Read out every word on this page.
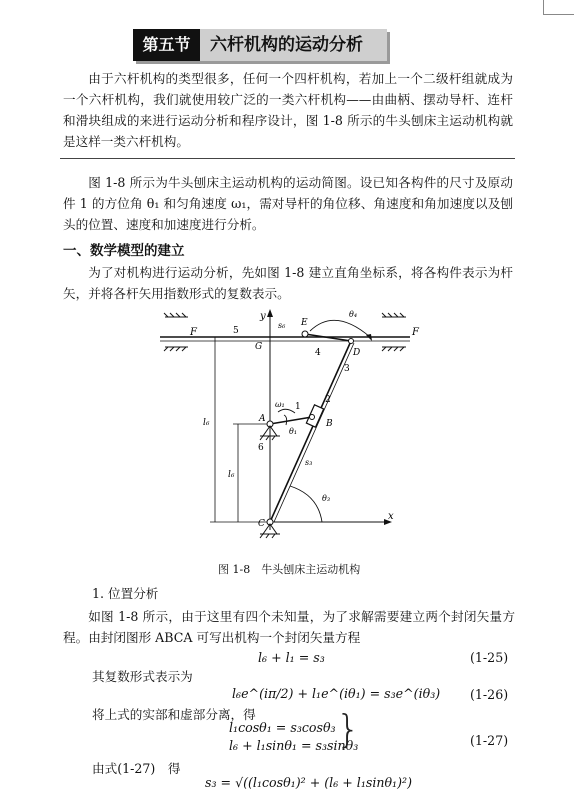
第五节	六杆机构的运动分析

由于六杆机构的类型很多，任何一个四杆机构，若加上一个二级杆组就成为一个六杆机构，我们就使用较广泛的一类六杆机构——由曲柄、摆动导杆、连杆和滑块组成的来进行运动分析和程序设计，图 1-8 所示的牛头刨床主运动机构就是这样一类六杆机构。

图 1-8 所示为牛头刨床主运动机构的运动简图。设已知各构件的尺寸及原动件 1 的方位角 θ₁ 和匀角速度 ω₁，需对导杆的角位移、角速度和角加速度以及刨头的位置、速度和加速度进行分析。

一、数学模型的建立

为了对机构进行运动分析，先如图 1-8 建立直角坐标系，将各构件表示为杆矢，并将各杆矢用指数形式的复数表示。

F	F
y
x
s₆ E
θ₄
5
G
4	D
3
2
l₆	A
ω₁ 1
B
θ₁
6
s₃
l₆
θ₃
C
图 1-8　牛头刨床主运动机构
1. 位置分析

如图 1-8 所示，由于这里有四个未知量，为了求解需要建立两个封闭矢量方程。由封闭图形 ABCA 可写出机构一个封闭矢量方程

l₆ + l₁ = s₃	(1-25)
其复数形式表示为
l₆e^(iπ/2) + l₁e^(iθ₁) = s₃e^(iθ₃) (1-26)
将上式的实部和虚部分离，得
l₁cosθ₁ = s₃cosθ₃
l₆ + l₁sinθ₁ = s₃sinθ₃
}	(1-27)
由式(1-27)　得
s₃ = √((l₁cosθ₁)² + (l₆ + l₁sinθ₁)²)
